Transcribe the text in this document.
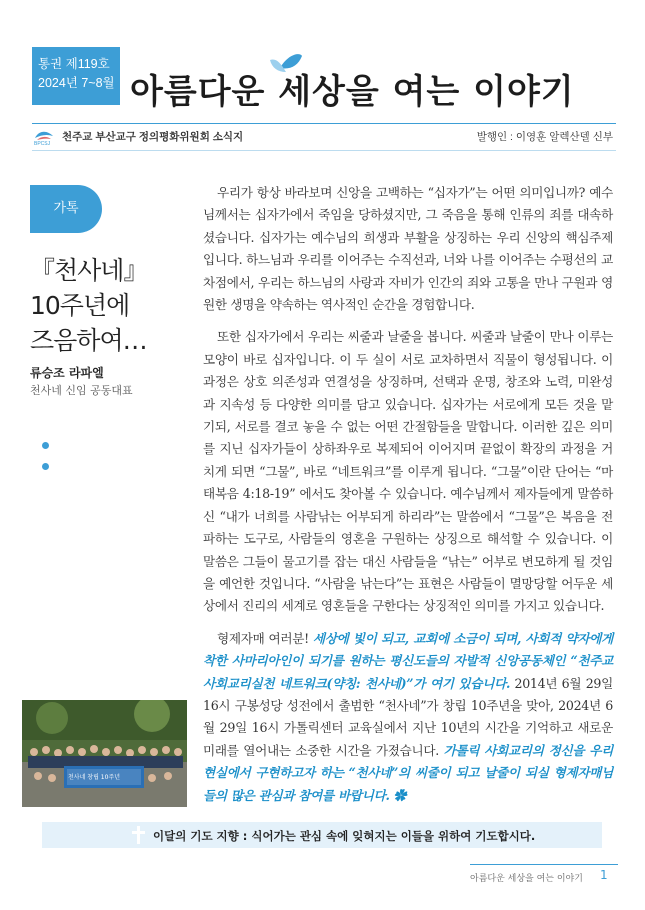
통권 제119호
2024년 7~8월 아름다운 세상을 여는 이야기
BPCSJ
천주교 부산교구 정의평화위원회 소식지	발행인 : 이영훈 알렉산델 신부
가톡
『천사네』
10주년에
즈음하여…
류승조 라파엘
천사네 신임 공동대표

우리가 항상 바라보며 신앙을 고백하는 “십자가”는 어떤 의미입니까? 예수님께서는 십자가에서 죽임을 당하셨지만, 그 죽음을 통해 인류의 죄를 대속하셨습니다. 십자가는 예수님의 희생과 부활을 상징하는 우리 신앙의 핵심주제입니다. 하느님과 우리를 이어주는 수직선과, 너와 나를 이어주는 수평선의 교차점에서, 우리는 하느님의 사랑과 자비가 인간의 죄와 고통을 만나 구원과 영원한 생명을 약속하는 역사적인 순간을 경험합니다.

또한 십자가에서 우리는 씨줄과 날줄을 봅니다. 씨줄과 날줄이 만나 이루는 모양이 바로 십자입니다. 이 두 실이 서로 교차하면서 직물이 형성됩니다. 이 과정은 상호 의존성과 연결성을 상징하며, 선택과 운명, 창조와 노력, 미완성과 지속성 등 다양한 의미를 담고 있습니다. 십자가는 서로에게 모든 것을 맡기되, 서로를 결코 놓을 수 없는 어떤 간절함들을 말합니다. 이러한 깊은 의미를 지닌 십자가들이 상하좌우로 복제되어 이어지며 끝없이 확장의 과정을 거치게 되면 “그물”, 바로 “네트워크”를 이루게 됩니다. “그물”이란 단어는 “마태복음 4:18-19” 에서도 찾아볼 수 있습니다. 예수님께서 제자들에게 말씀하신 “내가 너희를 사람낚는 어부되게 하리라”는 말씀에서 “그물”은 복음을 전파하는 도구로, 사람들의 영혼을 구원하는 상징으로 해석할 수 있습니다. 이 말씀은 그들이 물고기를 잡는 대신 사람들을 “낚는” 어부로 변모하게 될 것임을 예언한 것입니다. “사람을 낚는다”는 표현은 사람들이 멸망당할 어두운 세상에서 진리의 세계로 영혼들을 구한다는 상징적인 의미를 가지고 있습니다.

형제자매 여러분! 세상에 빛이 되고, 교회에 소금이 되며, 사회적 약자에게 착한 사마리아인이 되기를 원하는 평신도들의 자발적 신앙공동체인 “천주교 사회교리실천 네트워크(약칭: 천사네)”가 여기 있습니다. 2014년 6월 29일 16시 구봉성당 성전에서 출범한 “천사네”가 창립 10주년을 맞아, 2024년 6월 29일 16시 가톨릭센터 교육실에서 지난 10년의 시간을 기억하고 새로운 미래를 열어내는 소중한 시간을 가졌습니다. 가톨릭 사회교리의 정신을 우리 현실에서 구현하고자 하는 “천사네”의 씨줄이 되고 날줄이 되실 형제자매님들의 많은 관심과 참여를 바랍니다. ✿

천사네 창립 10주년
이달의 기도 지향 : 식어가는 관심 속에 잊혀지는 이들을 위하여 기도합시다.
아름다운 세상을 여는 이야기 1
